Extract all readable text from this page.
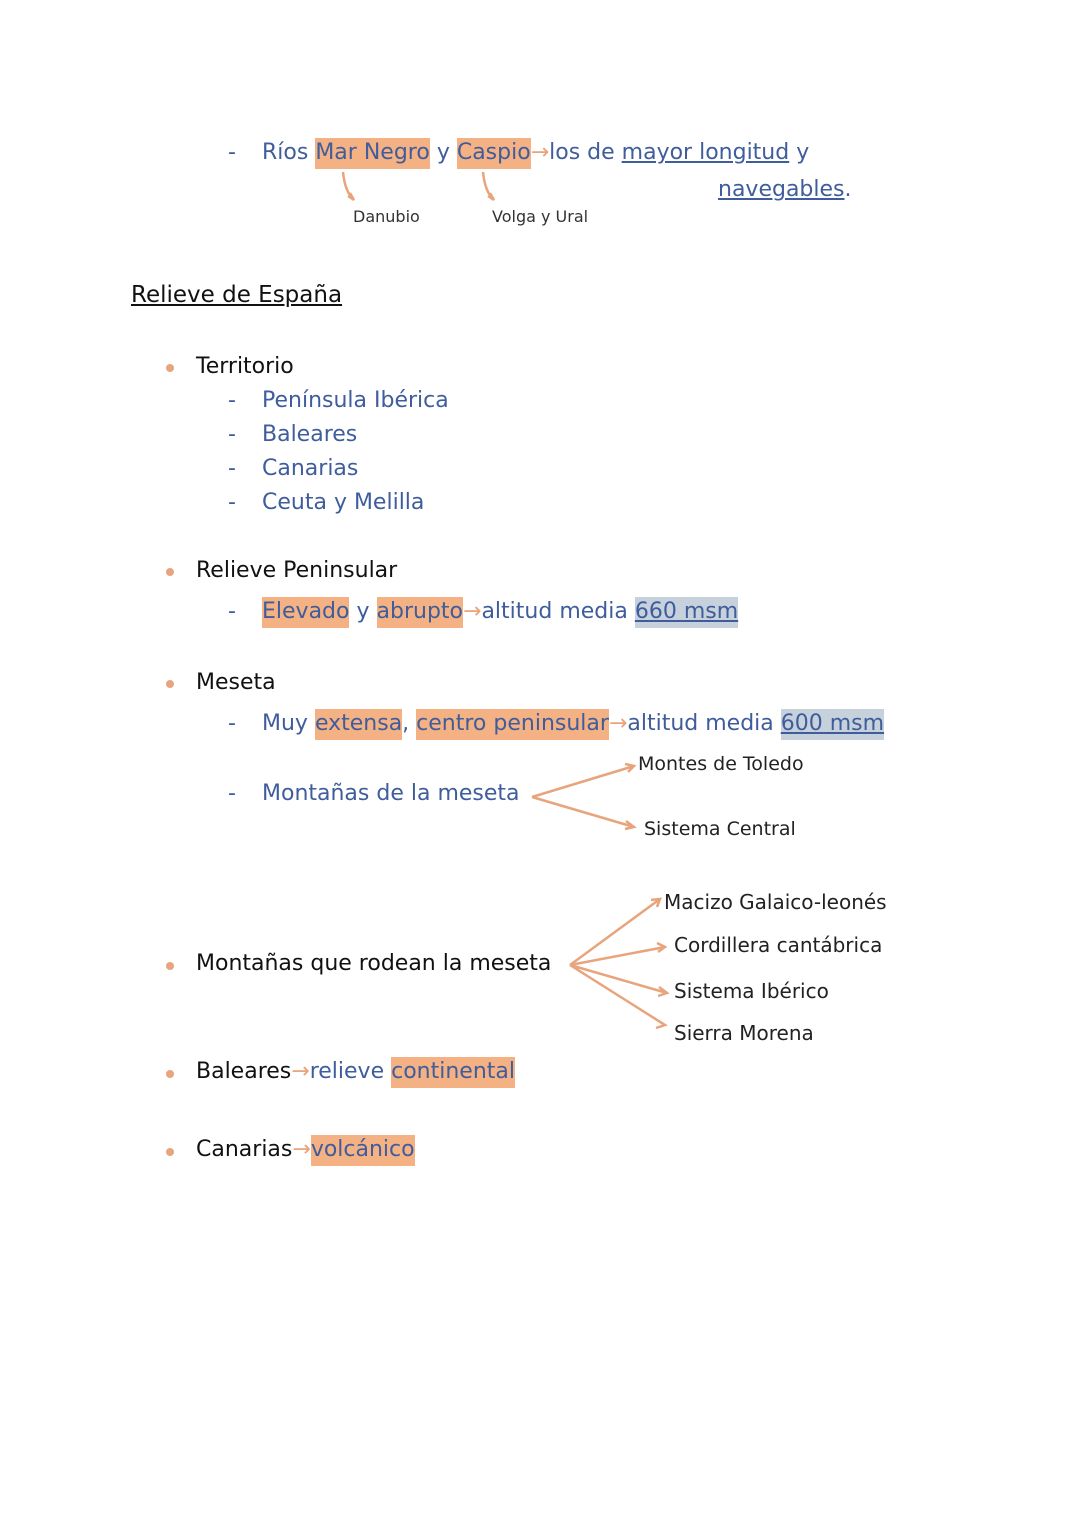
- Ríos Mar Negro y Caspio→los de mayor longitud y
navegables.
Danubio	Volga y Ural
Relieve de España
Territorio
- Península Ibérica
- Baleares
- Canarias
- Ceuta y Melilla
Relieve Peninsular
- Elevado y abrupto→altitud media 660 msm
Meseta
- Muy extensa, centro peninsular→altitud media 600 msm
- Montañas de la meseta
Montes de Toledo
Sistema Central
Montañas que rodean la meseta
Macizo Galaico-leonés
Cordillera cantábrica
Sistema Ibérico
Sierra Morena
Baleares→relieve continental
Canarias→volcánico
